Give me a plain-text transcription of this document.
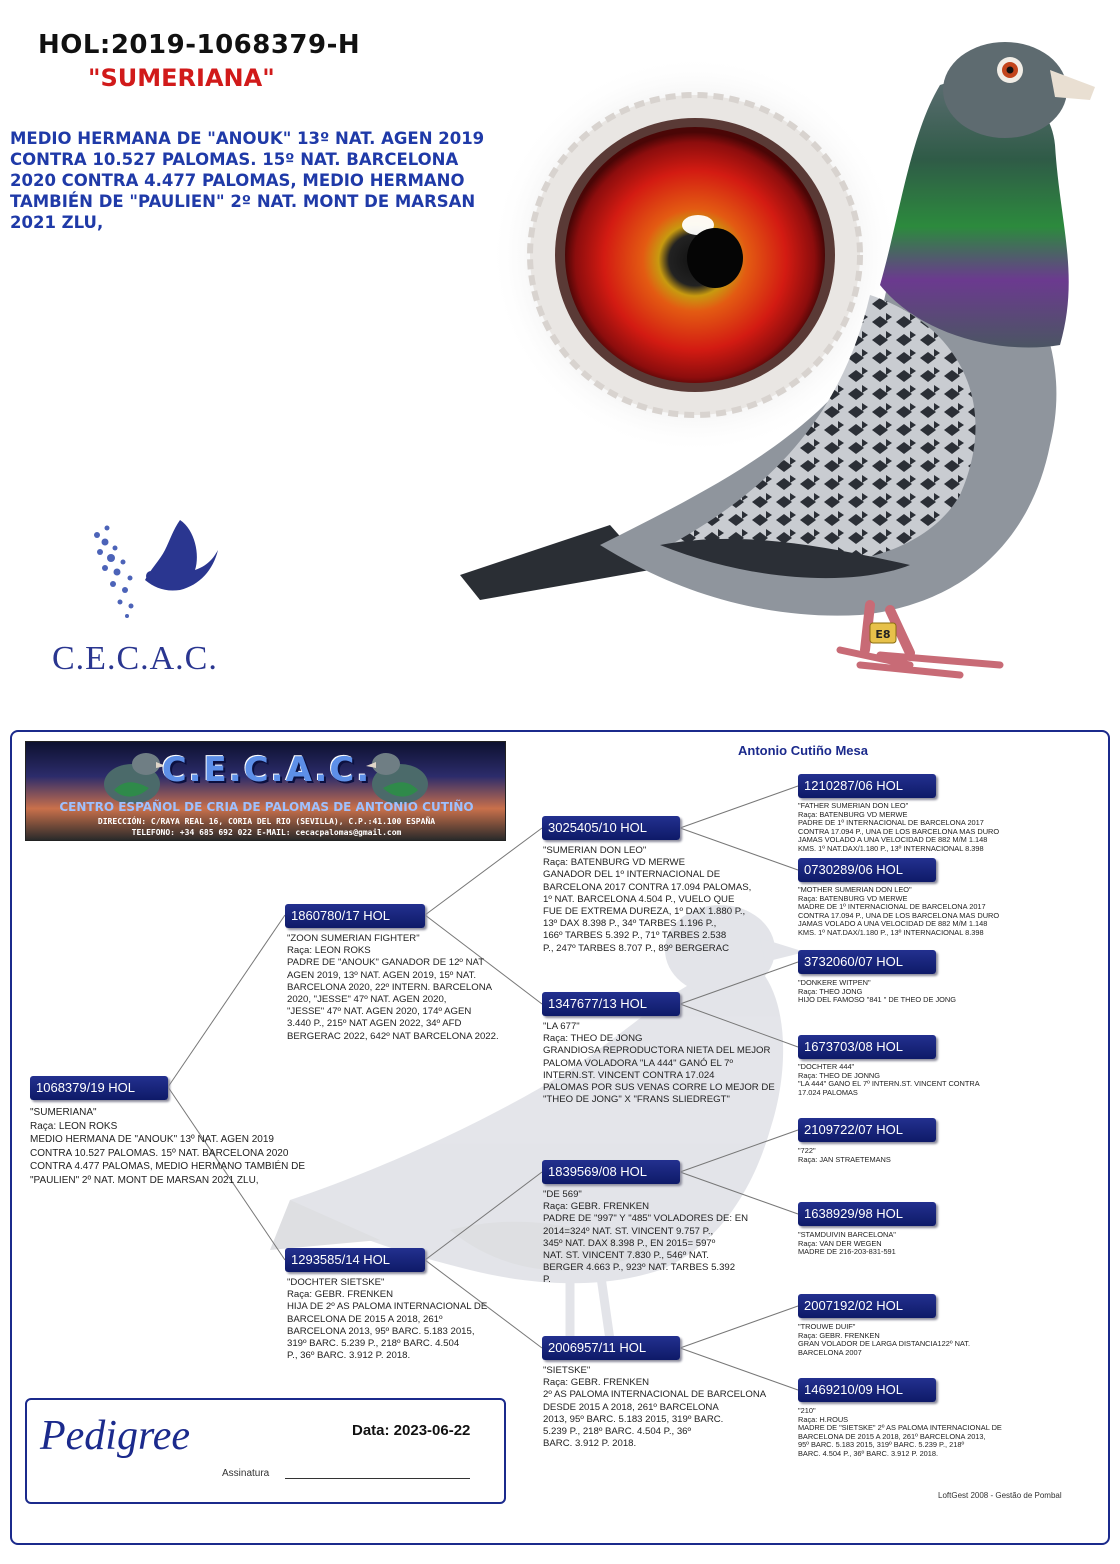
HOL:2019-1068379-H
"SUMERIANA"
MEDIO HERMANA DE "ANOUK" 13º NAT. AGEN 2019 CONTRA 10.527 PALOMAS. 15º NAT. BARCELONA 2020 CONTRA 4.477 PALOMAS, MEDIO HERMANO TAMBIÉN DE "PAULIEN" 2º NAT. MONT DE MARSAN 2021 ZLU,
E8
C.E.C.A.C.
C.E.C.A.C.
CENTRO ESPAÑOL DE CRIA DE PALOMAS DE ANTONIO CUTIÑO
DIRECCIÓN: C/RAYA REAL 16, CORIA DEL RIO (SEVILLA), C.P.:41.100 ESPAÑA
TELEFONO: +34 685 692 022 E-MAIL: cecacpalomas@gmail.com
Antonio Cutiño Mesa
1068379/19 HOL
"SUMERIANA"
Raça: LEON ROKS
MEDIO HERMANA DE "ANOUK" 13º NAT. AGEN 2019
CONTRA 10.527 PALOMAS. 15º NAT. BARCELONA 2020
CONTRA 4.477 PALOMAS, MEDIO HERMANO TAMBIÉN DE
"PAULIEN" 2º NAT. MONT DE MARSAN 2021 ZLU,
1860780/17 HOL
"ZOON SUMERIAN FIGHTER"
Raça: LEON ROKS
PADRE DE "ANOUK" GANADOR DE 12º NAT
AGEN 2019, 13º NAT. AGEN 2019, 15º NAT.
BARCELONA 2020, 22º INTERN. BARCELONA
2020, "JESSE" 47º NAT. AGEN 2020,
"JESSE" 47º NAT. AGEN 2020, 174º AGEN
3.440 P., 215º NAT AGEN 2022, 34º AFD
BERGERAC 2022, 642º NAT BARCELONA 2022.
1293585/14 HOL
"DOCHTER SIETSKE"
Raça: GEBR. FRENKEN
HIJA DE 2º AS PALOMA INTERNACIONAL DE
BARCELONA DE 2015 A 2018, 261º
BARCELONA 2013, 95º BARC. 5.183 2015,
319º BARC. 5.239 P., 218º BARC. 4.504
P., 36º BARC. 3.912 P. 2018.
3025405/10 HOL
"SUMERIAN DON LEO"
Raça: BATENBURG VD MERWE
GANADOR DEL 1º INTERNACIONAL DE
BARCELONA 2017 CONTRA 17.094 PALOMAS,
1º NAT. BARCELONA 4.504 P., VUELO QUE
FUE DE EXTREMA DUREZA, 1º DAX 1.880 P.,
13º DAX 8.398 P., 34º TARBES 1.196 P.,
166º TARBES 5.392 P., 71º TARBES 2.538
P., 247º TARBES 8.707 P., 89º BERGERAC
1347677/13 HOL
"LA 677"
Raça: THEO DE JONG
GRANDIOSA REPRODUCTORA NIETA DEL MEJOR
PALOMA VOLADORA "LA 444" GANÓ EL 7º
INTERN.ST. VINCENT CONTRA 17.024
PALOMAS POR SUS VENAS CORRE LO MEJOR DE
"THEO DE JONG" X "FRANS SLIEDREGT"
1839569/08 HOL
"DE 569"
Raça: GEBR. FRENKEN
PADRE DE "997" Y "485" VOLADORES DE: EN
2014=324º NAT. ST. VINCENT 9.757 P.,
345º NAT. DAX 8.398 P., EN 2015= 597º
NAT. ST. VINCENT 7.830 P., 546º NAT.
BERGER 4.663 P., 923º NAT. TARBES 5.392
P.
2006957/11 HOL
"SIETSKE"
Raça: GEBR. FRENKEN
2º AS PALOMA INTERNACIONAL DE BARCELONA
DESDE 2015 A 2018, 261º BARCELONA
2013, 95º BARC. 5.183 2015, 319º BARC.
5.239 P., 218º BARC. 4.504 P., 36º
BARC. 3.912 P. 2018.
1210287/06 HOL
"FATHER SUMERIAN DON LEO"
Raça: BATENBURG VD MERWE
PADRE DE 1º INTERNACIONAL DE BARCELONA 2017
CONTRA 17.094 P., UNA DE LOS BARCELONA MAS DURO
JAMAS VOLADO A UNA VELOCIDAD DE 882 M/M 1.148
KMS. 1º NAT.DAX/1.180 P., 13º INTERNACIONAL 8.398
0730289/06 HOL
"MOTHER SUMERIAN DON LEO"
Raça: BATENBURG VD MERWE
MADRE DE 1º INTERNACIONAL DE BARCELONA 2017
CONTRA 17.094 P., UNA DE LOS BARCELONA MAS DURO
JAMAS VOLADO A UNA VELOCIDAD DE 882 M/M 1.148
KMS. 1º NAT.DAX/1.180 P., 13º INTERNACIONAL 8.398
3732060/07 HOL
"DONKERE WITPEN"
Raça: THEO JONG
HIJO DEL FAMOSO "841 " DE THEO DE JONG
1673703/08 HOL
"DOCHTER 444"
Raça: THEO DE JONNG
"LA 444" GANO EL 7º INTERN.ST. VINCENT CONTRA
17.024 PALOMAS
2109722/07 HOL
"722"
Raça: JAN STRAETEMANS
1638929/98 HOL
"STAMDUIVIN BARCELONA"
Raça: VAN DER WEGEN
MADRE DE 216-203-831-591
2007192/02 HOL
"TROUWE DUIF"
Raça: GEBR. FRENKEN
GRAN VOLADOR DE LARGA DISTANCIA122º NAT.
BARCELONA 2007
1469210/09 HOL
"210"
Raça: H.ROUS
MADRE DE "SIETSKE" 2º AS PALOMA INTERNACIONAL DE
BARCELONA DE 2015 A 2018, 261º BARCELONA 2013,
95º BARC. 5.183 2015, 319º BARC. 5.239 P., 218º
BARC. 4.504 P., 36º BARC. 3.912 P. 2018.
Pedigree	Data: 2023-06-22
Assinatura
LoftGest 2008 - Gestão de Pombal
